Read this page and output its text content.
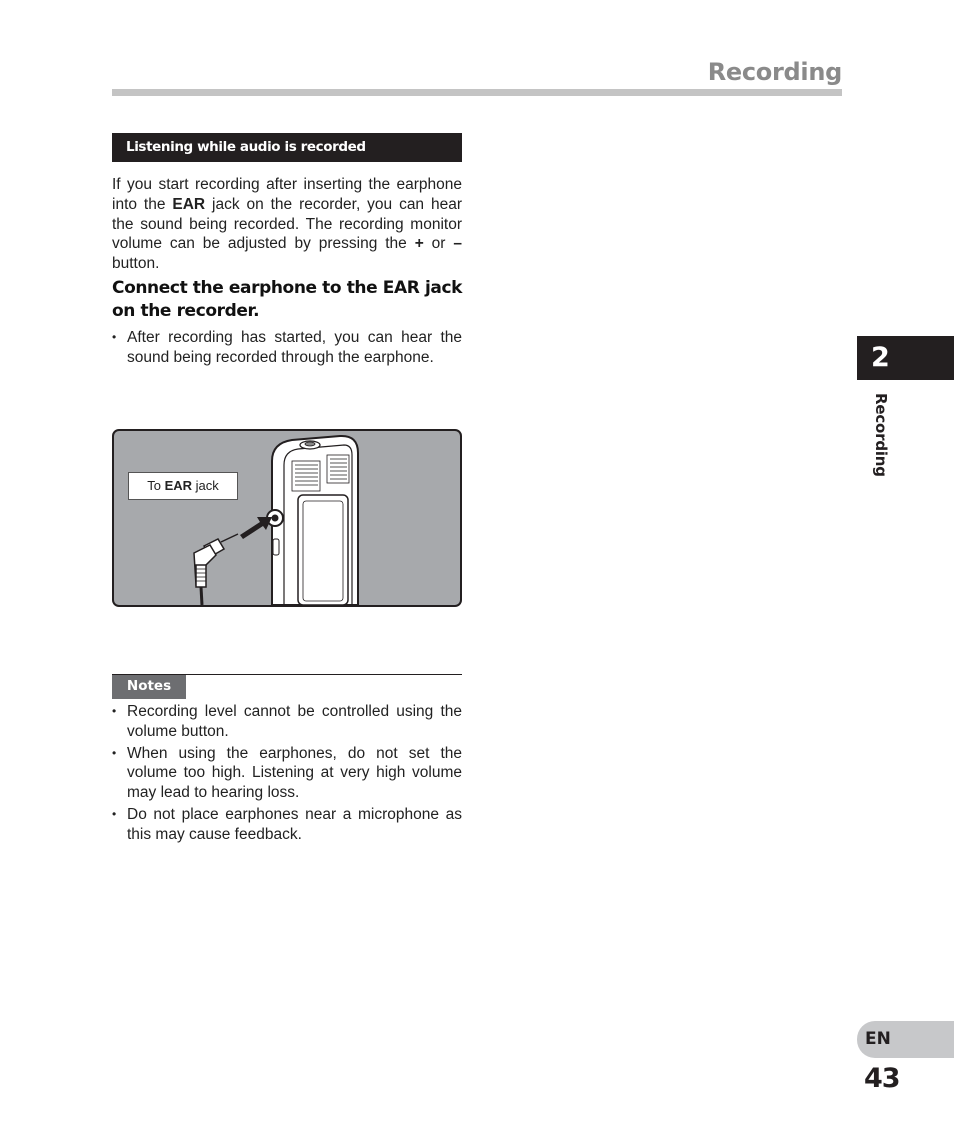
Recording
Listening while audio is recorded

If you start recording after inserting the earphone into the EAR jack on the recorder, you can hear the sound being recorded. The recording monitor volume can be adjusted by pressing the + or – button.

Connect the earphone to the EAR jack on the recorder.
• After recording has started, you can hear the sound being recorded through the earphone.
To EAR jack
Notes
• Recording level cannot be controlled using the volume button.
• When using the earphones, do not set the volume too high. Listening at very high volume may lead to hearing loss.
• Do not place earphones near a microphone as this may cause feedback.
2
Recording
EN
43
